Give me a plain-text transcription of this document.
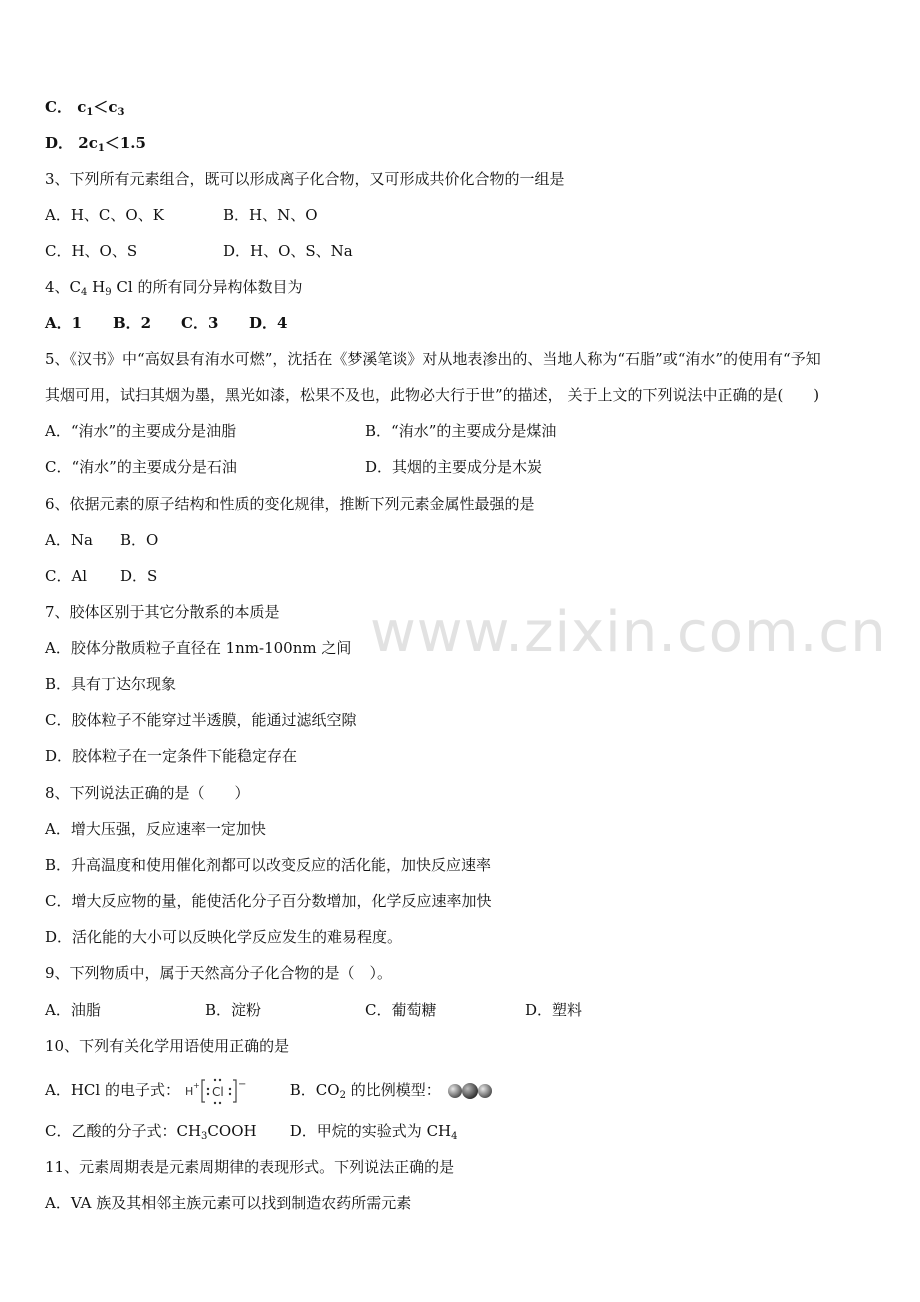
www.zixin.com.cn
C． $c_1<c_3$
D． $2c_1<1.5$
3、下列所有元素组合，既可以形成离子化合物，又可形成共价化合物的一组是
A．H、C、O、K	B．H、N、O
C．H、O、S	D．H、O、S、Na
4、$C_4$ $H_9$ Cl 的所有同分异构体数目为
A．1 B．2 C．3 D．4
5、《汉书》中“高奴县有洧水可燃”，沈括在《梦溪笔谈》对从地表渗出的、当地人称为“石脂”或“洧水”的使用有“予知
其烟可用，试扫其烟为墨，黑光如漆，松果不及也，此物必大行于世”的描述， 关于上文的下列说法中正确的是(　　)
A．“洧水”的主要成分是油脂	B．“洧水”的主要成分是煤油
C．“洧水”的主要成分是石油	D．其烟的主要成分是木炭
6、依据元素的原子结构和性质的变化规律，推断下列元素金属性最强的是
A．Na B．O
C．Al D．S
7、胶体区别于其它分散系的本质是
A．胶体分散质粒子直径在 1nm-100nm 之间
B．具有丁达尔现象
C．胶体粒子不能穿过半透膜，能通过滤纸空隙
D．胶体粒子在一定条件下能稳定存在
8、下列说法正确的是（　　）
A．增大压强，反应速率一定加快
B．升高温度和使用催化剂都可以改变反应的活化能，加快反应速率
C．增大反应物的量，能使活化分子百分数增加，化学反应速率加快
D．活化能的大小可以反映化学反应发生的难易程度。
9、下列物质中，属于天然高分子化合物的是（　）。
A．油脂	B．淀粉	C．葡萄糖	D．塑料
10、下列有关化学用语使用正确的是
A．HCl 的电子式： H + Cl
−	B．$CO_2$ 的比例模型：
C．乙酸的分子式：$CH_3COOH$ D．甲烷的实验式为 $CH_4$
11、元素周期表是元素周期律的表现形式。下列说法正确的是
A．VA 族及其相邻主族元素可以找到制造农药所需元素
